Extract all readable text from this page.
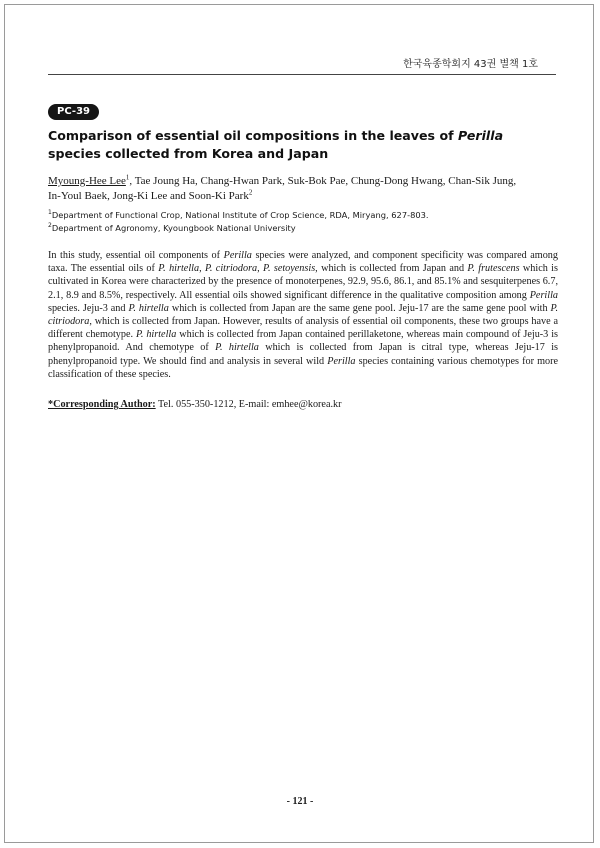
한국육종학회지 43권 별책 1호
PC-39
Comparison of essential oil compositions in the leaves of Perilla species collected from Korea and Japan
Myoung-Hee Lee$^1$, Tae Joung Ha, Chang-Hwan Park, Suk-Bok Pae, Chung-Dong Hwang, Chan-Sik Jung, In-Youl Baek, Jong-Ki Lee and Soon-Ki Park$^2$
$^1$Department of Functional Crop, National Institute of Crop Science, RDA, Miryang, 627-803.
$^2$Department of Agronomy, Kyoungbook National University

In this study, essential oil components of Perilla species were analyzed, and component specificity was compared among taxa. The essential oils of P. hirtella, P. citriodora, P. setoyensis, which is collected from Japan and P. frutescens which is cultivated in Korea were characterized by the presence of monoterpenes, 92.9, 95.6, 86.1, and 85.1% and sesquiterpenes 6.7, 2.1, 8.9 and 8.5%, respectively. All essential oils showed significant difference in the qualitative composition among Perilla species. Jeju-3 and P. hirtella which is collected from Japan are the same gene pool. Jeju-17 are the same gene pool with P. citriodora, which is collected from Japan. However, results of analysis of essential oil components, these two groups have a different chemotype. P. hirtella which is collected from Japan contained perillaketone, whereas main compound of Jeju-3 is phenylpropanoid. And chemotype of P. hirtella which is collected from Japan is citral type, whereas Jeju-17 is phenylpropanoid type. We should find and analysis in several wild Perilla species containing various chemotypes for more classification of these species.

*Corresponding Author: Tel. 055-350-1212, E-mail: emhee@korea.kr
- 121 -
